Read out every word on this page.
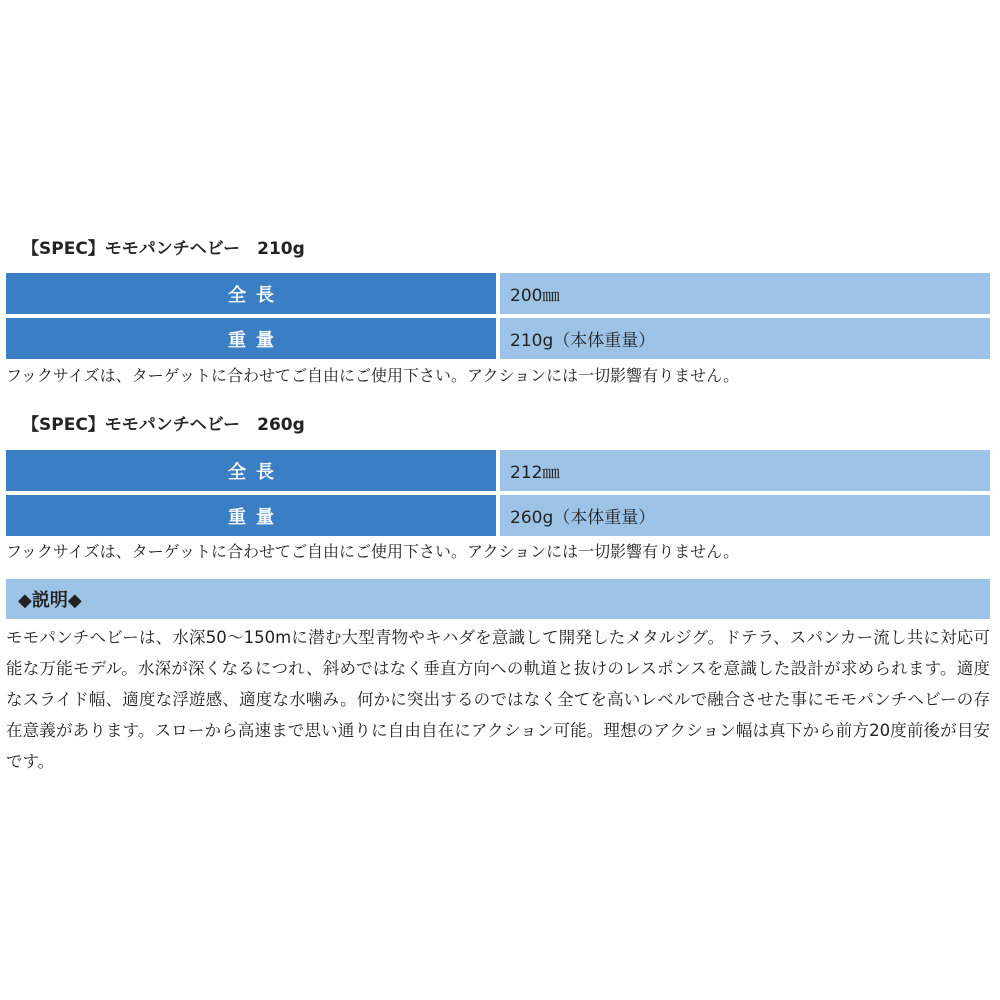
【SPEC】モモパンチヘビー　210g
全長	200㎜
重量	210g（本体重量）
フックサイズは、ターゲットに合わせてご自由にご使用下さい。アクションには一切影響有りません。
【SPEC】モモパンチヘビー　260g
全長	212㎜
重量	260g（本体重量）
フックサイズは、ターゲットに合わせてご自由にご使用下さい。アクションには一切影響有りません。
◆説明◆
モモパンチヘビーは、水深50～150mに潜む大型青物やキハダを意識して開発したメタルジグ。ドテラ、スパンカー流し共に対応可能な万能モデル。水深が深くなるにつれ、斜めではなく垂直方向への軌道と抜けのレスポンスを意識した設計が求められます。適度なスライド幅、適度な浮遊感、適度な水噛み。何かに突出するのではなく全てを高いレベルで融合させた事にモモパンチヘビーの存在意義があります。スローから高速まで思い通りに自由自在にアクション可能。理想のアクション幅は真下から前方20度前後が目安です。
